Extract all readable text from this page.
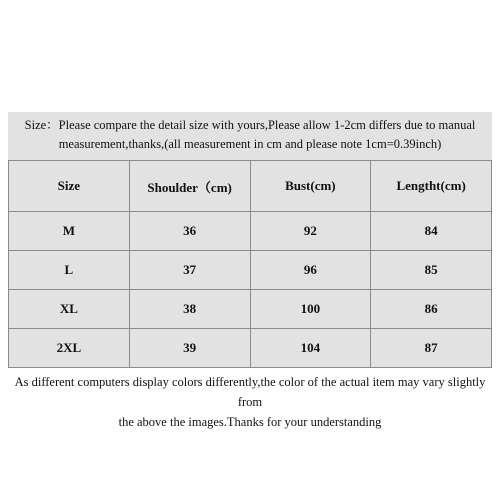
Size：Please compare the detail size with yours,Please allow 1-2cm differs due to manual
measurement,thanks,(all measurement in cm and please note 1cm=0.39inch)
Size	Shoulder（cm)	Bust(cm)	Lengtht(cm)
M	36	92	84
L	37	96	85
XL	38	100	86
2XL	39	104	87
As different computers display colors differently,the color of the actual item may vary slightly from
the above the images.Thanks for your understanding
